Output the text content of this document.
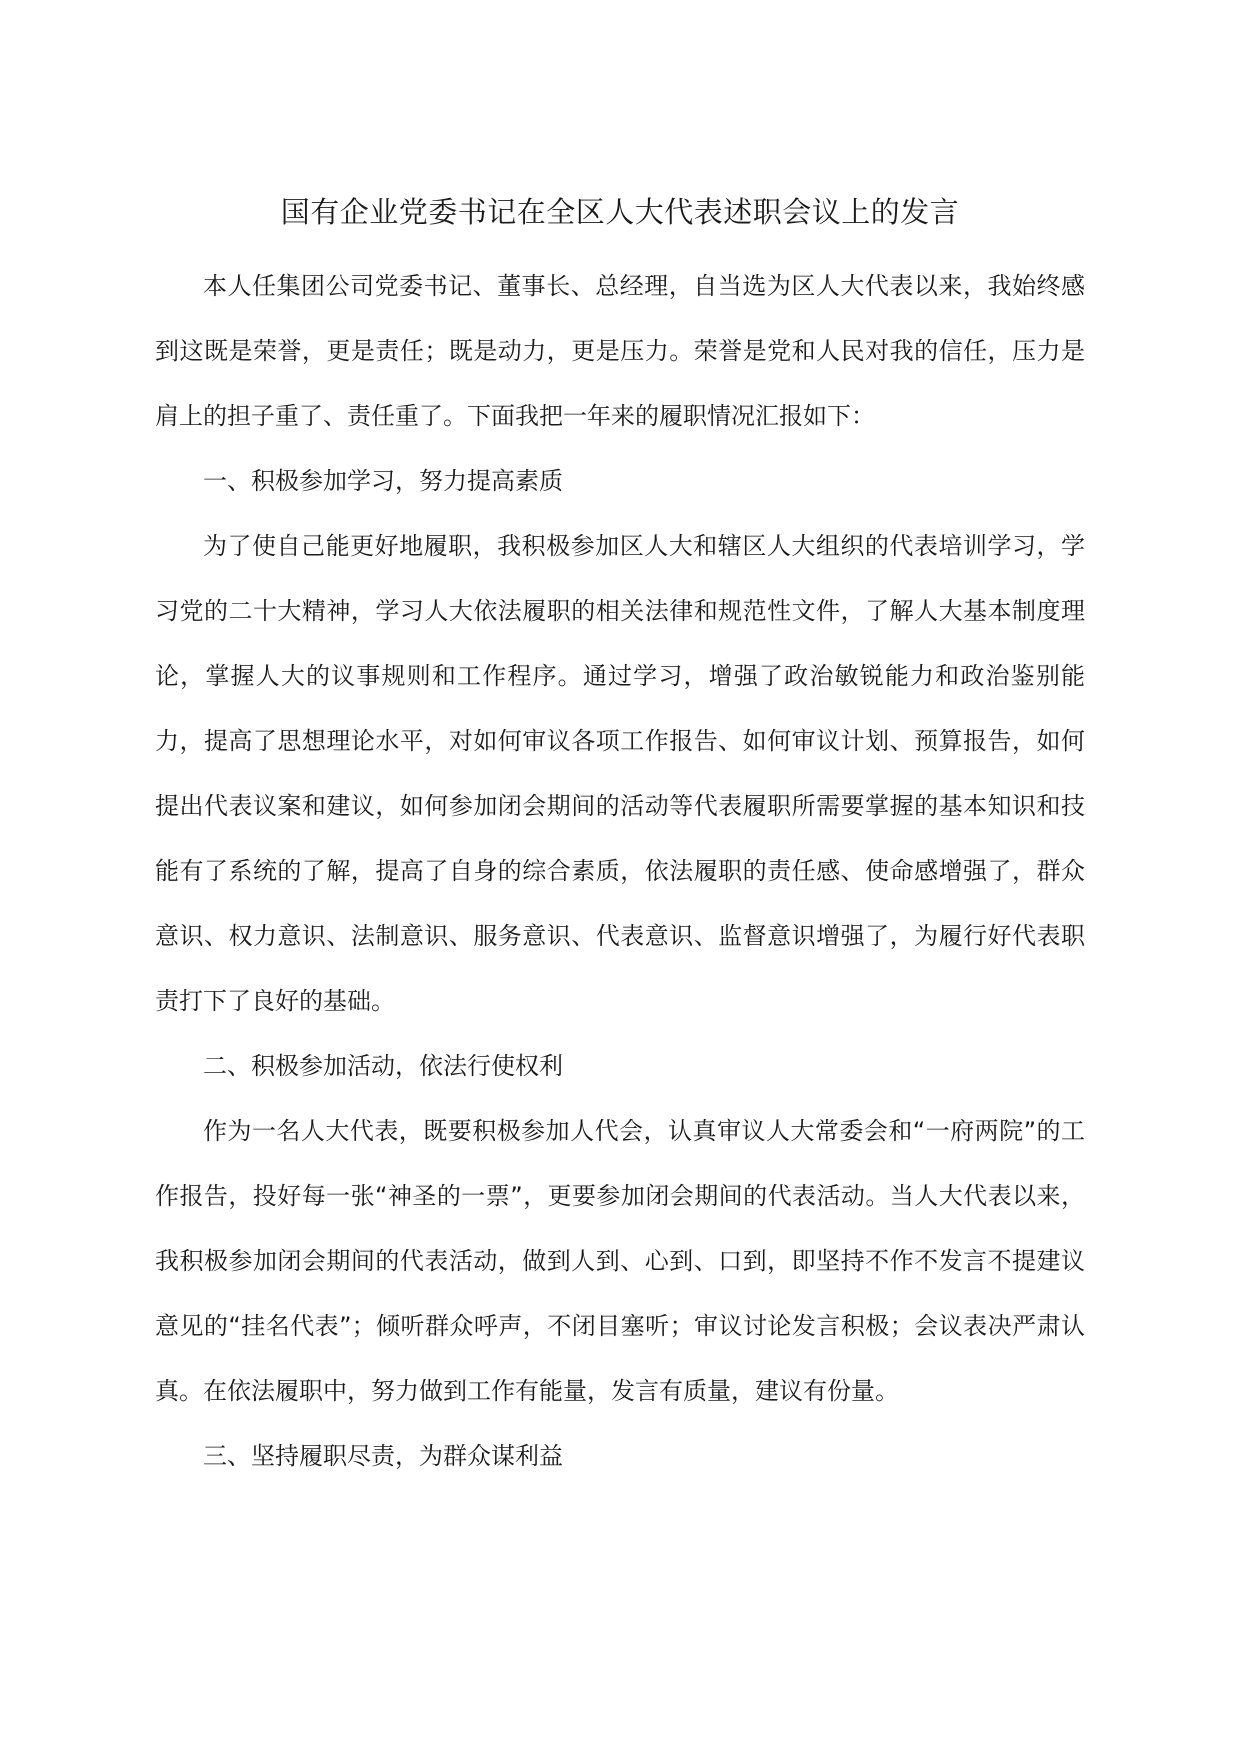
国有企业党委书记在全区人大代表述职会议上的发言

本人任集团公司党委书记、董事长、总经理，自当选为区人大代表以来，我始终感到这既是荣誉，更是责任；既是动力，更是压力。荣誉是党和人民对我的信任，压力是肩上的担子重了、责任重了。下面我把一年来的履职情况汇报如下：

一、积极参加学习，努力提高素质

为了使自己能更好地履职，我积极参加区人大和辖区人大组织的代表培训学习，学习党的二十大精神，学习人大依法履职的相关法律和规范性文件，了解人大基本制度理论，掌握人大的议事规则和工作程序。通过学习，增强了政治敏锐能力和政治鉴别能力，提高了思想理论水平，对如何审议各项工作报告、如何审议计划、预算报告，如何提出代表议案和建议，如何参加闭会期间的活动等代表履职所需要掌握的基本知识和技能有了系统的了解，提高了自身的综合素质，依法履职的责任感、使命感增强了，群众意识、权力意识、法制意识、服务意识、代表意识、监督意识增强了，为履行好代表职责打下了良好的基础。

二、积极参加活动，依法行使权利

作为一名人大代表，既要积极参加人代会，认真审议人大常委会和“一府两院”的工作报告，投好每一张“神圣的一票”，更要参加闭会期间的代表活动。当人大代表以来，我积极参加闭会期间的代表活动，做到人到、心到、口到，即坚持不作不发言不提建议意见的“挂名代表”；倾听群众呼声，不闭目塞听；审议讨论发言积极；会议表决严肃认真。在依法履职中，努力做到工作有能量，发言有质量，建议有份量。

三、坚持履职尽责，为群众谋利益
